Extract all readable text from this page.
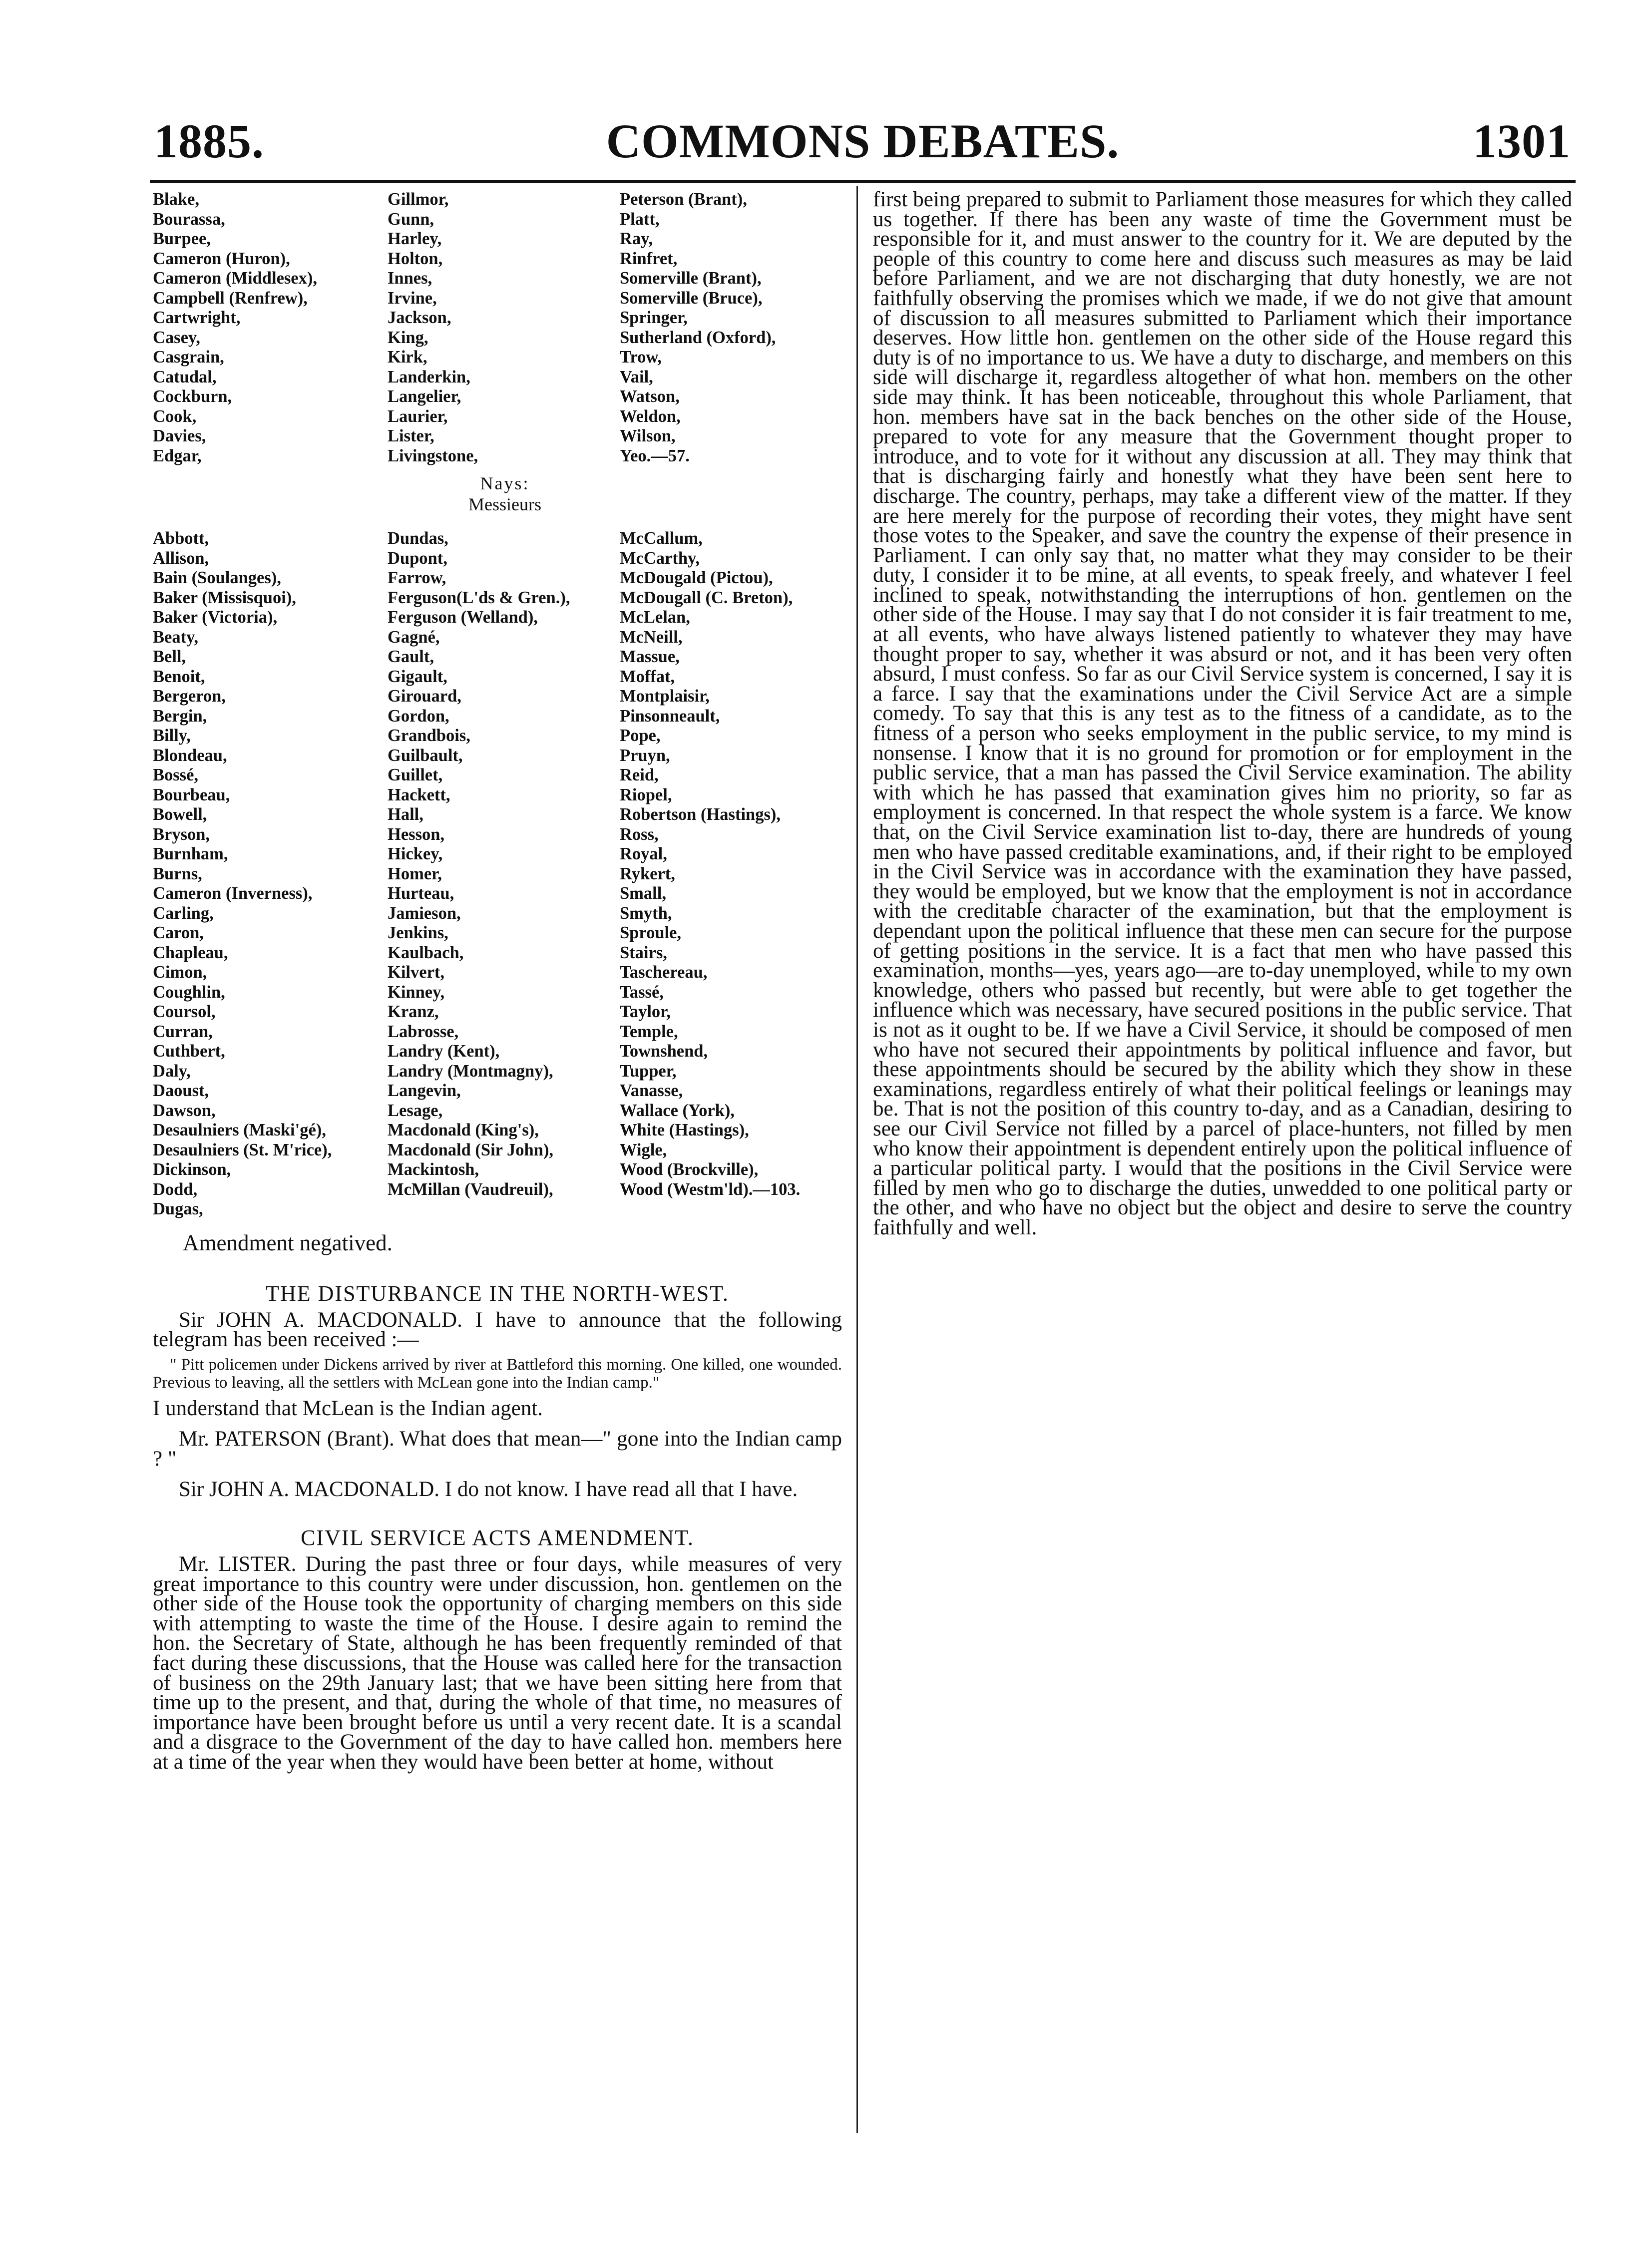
1885.	COMMONS DEBATES.	1301
Blake,	Gillmor,	Peterson (Brant),
Bourassa,	Gunn,	Platt,
Burpee,	Harley,	Ray,
Cameron (Huron),	Holton,	Rinfret,
Cameron (Middlesex),	Innes,	Somerville (Brant),
Campbell (Renfrew),	Irvine,	Somerville (Bruce),
Cartwright,	Jackson,	Springer,
Casey,	King,	Sutherland (Oxford),
Casgrain,	Kirk,	Trow,
Catudal,	Landerkin,	Vail,
Cockburn,	Langelier,	Watson,
Cook,	Laurier,	Weldon,
Davies,	Lister,	Wilson,
Edgar,	Livingstone,	Yeo.—57.
Nays:
Messieurs
Abbott,	Dundas,	McCallum,
Allison,	Dupont,	McCarthy,
Bain (Soulanges),	Farrow,	McDougald (Pictou),
Baker (Missisquoi),	Ferguson(L'ds & Gren.),	McDougall (C. Breton),
Baker (Victoria),	Ferguson (Welland),	McLelan,
Beaty,	Gagné,	McNeill,
Bell,	Gault,	Massue,
Benoit,	Gigault,	Moffat,
Bergeron,	Girouard,	Montplaisir,
Bergin,	Gordon,	Pinsonneault,
Billy,	Grandbois,	Pope,
Blondeau,	Guilbault,	Pruyn,
Bossé,	Guillet,	Reid,
Bourbeau,	Hackett,	Riopel,
Bowell,	Hall,	Robertson (Hastings),
Bryson,	Hesson,	Ross,
Burnham,	Hickey,	Royal,
Burns,	Homer,	Rykert,
Cameron (Inverness),	Hurteau,	Small,
Carling,	Jamieson,	Smyth,
Caron,	Jenkins,	Sproule,
Chapleau,	Kaulbach,	Stairs,
Cimon,	Kilvert,	Taschereau,
Coughlin,	Kinney,	Tassé,
Coursol,	Kranz,	Taylor,
Curran,	Labrosse,	Temple,
Cuthbert,	Landry (Kent),	Townshend,
Daly,	Landry (Montmagny),	Tupper,
Daoust,	Langevin,	Vanasse,
Dawson,	Lesage,	Wallace (York),
Desaulniers (Maski'gé),	Macdonald (King's),	White (Hastings),
Desaulniers (St. M'rice),	Macdonald (Sir John),	Wigle,
Dickinson,	Mackintosh,	Wood (Brockville),
Dodd,	McMillan (Vaudreuil),	Wood (Westm'ld).—103.
Dugas,
Amendment negatived.
THE DISTURBANCE IN THE NORTH-WEST.

Sir JOHN A. MACDONALD. I have to announce that the following telegram has been received :—

" Pitt policemen under Dickens arrived by river at Battleford this morning. One killed, one wounded. Previous to leaving, all the settlers with McLean gone into the Indian camp."

I understand that McLean is the Indian agent.

Mr. PATERSON (Brant). What does that mean—" gone into the Indian camp ? "

Sir JOHN A. MACDONALD. I do not know. I have read all that I have.

CIVIL SERVICE ACTS AMENDMENT.

Mr. LISTER. During the past three or four days, while measures of very great importance to this country were under discussion, hon. gentlemen on the other side of the House took the opportunity of charging members on this side with attempting to waste the time of the House. I desire again to remind the hon. the Secretary of State, although he has been frequently reminded of that fact during these discussions, that the House was called here for the transaction of business on the 29th January last; that we have been sitting here from that time up to the present, and that, during the whole of that time, no measures of importance have been brought before us until a very recent date. It is a scandal and a disgrace to the Government of the day to have called hon. members here at a time of the year when they would have been better at home, without

first being prepared to submit to Parliament those measures for which they called us together. If there has been any waste of time the Government must be responsible for it, and must answer to the country for it. We are deputed by the people of this country to come here and discuss such measures as may be laid before Parliament, and we are not discharging that duty honestly, we are not faithfully observing the promises which we made, if we do not give that amount of discussion to all measures submitted to Parliament which their importance deserves. How little hon. gentlemen on the other side of the House regard this duty is of no importance to us. We have a duty to discharge, and members on this side will discharge it, regardless altogether of what hon. members on the other side may think. It has been noticeable, throughout this whole Parliament, that hon. members have sat in the back benches on the other side of the House, prepared to vote for any measure that the Government thought proper to introduce, and to vote for it without any discussion at all. They may think that that is discharging fairly and honestly what they have been sent here to discharge. The country, perhaps, may take a different view of the matter. If they are here merely for the purpose of recording their votes, they might have sent those votes to the Speaker, and save the country the expense of their presence in Parliament. I can only say that, no matter what they may consider to be their duty, I consider it to be mine, at all events, to speak freely, and whatever I feel inclined to speak, notwithstanding the interruptions of hon. gentlemen on the other side of the House. I may say that I do not consider it is fair treatment to me, at all events, who have always listened patiently to whatever they may have thought proper to say, whether it was absurd or not, and it has been very often absurd, I must confess. So far as our Civil Service system is concerned, I say it is a farce. I say that the examinations under the Civil Service Act are a simple comedy. To say that this is any test as to the fitness of a candidate, as to the fitness of a person who seeks employment in the public service, to my mind is nonsense. I know that it is no ground for promotion or for employment in the public service, that a man has passed the Civil Service examination. The ability with which he has passed that examination gives him no priority, so far as employment is concerned. In that respect the whole system is a farce. We know that, on the Civil Service examination list to-day, there are hundreds of young men who have passed creditable examinations, and, if their right to be employed in the Civil Service was in accordance with the examination they have passed, they would be employed, but we know that the employment is not in accordance with the creditable character of the examination, but that the employment is dependant upon the political influence that these men can secure for the purpose of getting positions in the service. It is a fact that men who have passed this examination, months—yes, years ago—are to-day unemployed, while to my own knowledge, others who passed but recently, but were able to get together the influence which was necessary, have secured positions in the public service. That is not as it ought to be. If we have a Civil Service, it should be composed of men who have not secured their appointments by political influence and favor, but these appointments should be secured by the ability which they show in these examinations, regardless entirely of what their political feelings or leanings may be. That is not the position of this country to-day, and as a Canadian, desiring to see our Civil Service not filled by a parcel of place-hunters, not filled by men who know their appointment is dependent entirely upon the political influence of a particular political party. I would that the positions in the Civil Service were filled by men who go to discharge the duties, unwedded to one political party or the other, and who have no object but the object and desire to serve the country faithfully and well.
